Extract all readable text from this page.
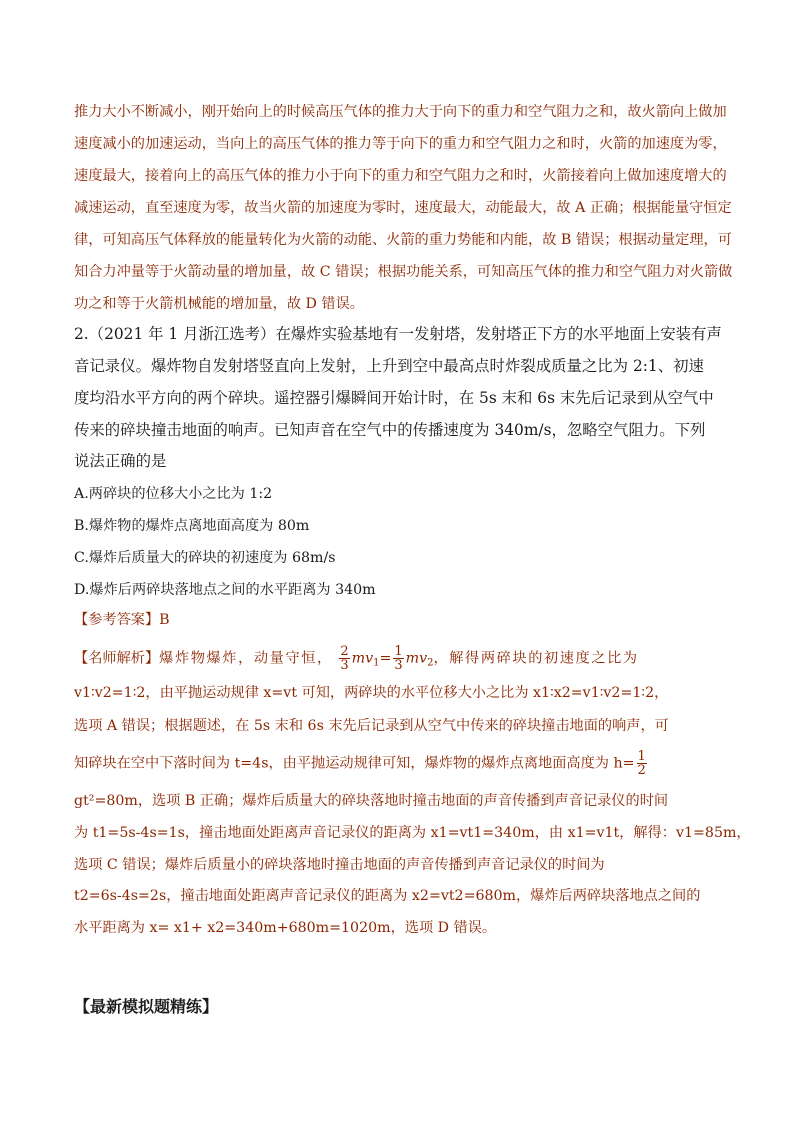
推力大小不断减小，刚开始向上的时候高压气体的推力大于向下的重力和空气阻力之和，故火箭向上做加
速度减小的加速运动，当向上的高压气体的推力等于向下的重力和空气阻力之和时，火箭的加速度为零，
速度最大，接着向上的高压气体的推力小于向下的重力和空气阻力之和时，火箭接着向上做加速度增大的
减速运动，直至速度为零，故当火箭的加速度为零时，速度最大，动能最大，故 A 正确；根据能量守恒定
律，可知高压气体释放的能量转化为火箭的动能、火箭的重力势能和内能，故 B 错误；根据动量定理，可
知合力冲量等于火箭动量的增加量，故 C 错误；根据功能关系，可知高压气体的推力和空气阻力对火箭做
功之和等于火箭机械能的增加量，故 D 错误。
2.（2021 年 1 月浙江选考）在爆炸实验基地有一发射塔，发射塔正下方的水平地面上安装有声
音记录仪。爆炸物自发射塔竖直向上发射，上升到空中最高点时炸裂成质量之比为 2:1、初速
度均沿水平方向的两个碎块。遥控器引爆瞬间开始计时，在 5s 末和 6s 末先后记录到从空气中
传来的碎块撞击地面的响声。已知声音在空气中的传播速度为 340m/s，忽略空气阻力。下列
说法正确的是
A.两碎块的位移大小之比为 1:2
B.爆炸物的爆炸点离地面高度为 80m
C.爆炸后质量大的碎块的初速度为 68m/s
D.爆炸后两碎块落地点之间的水平距离为 340m
【参考答案】B
【名师解析】爆炸物爆炸，动量守恒， $\frac{2}{3} mv_1= \frac{1}{3} mv_2$，解得两碎块的初速度之比为
v1∶v2=1∶2，由平抛运动规律 x=vt 可知，两碎块的水平位移大小之比为 x1∶x2=v1∶v2=1∶2，
选项 A 错误；根据题述，在 5s 末和 6s 末先后记录到从空气中传来的碎块撞击地面的响声，可
知碎块在空中下落时间为 t=4s，由平抛运动规律可知，爆炸物的爆炸点离地面高度为 $h= \frac{1}{2}$
gt²=80m，选项 B 正确；爆炸后质量大的碎块落地时撞击地面的声音传播到声音记录仪的时间
为 t1=5s-4s=1s，撞击地面处距离声音记录仪的距离为 x1=vt1=340m，由 x1=v1t，解得：v1=85m，
选项 C 错误；爆炸后质量小的碎块落地时撞击地面的声音传播到声音记录仪的时间为
t2=6s-4s=2s，撞击地面处距离声音记录仪的距离为 x2=vt2=680m，爆炸后两碎块落地点之间的
水平距离为 x= x1+ x2=340m+680m=1020m，选项 D 错误。
【最新模拟题精练】
